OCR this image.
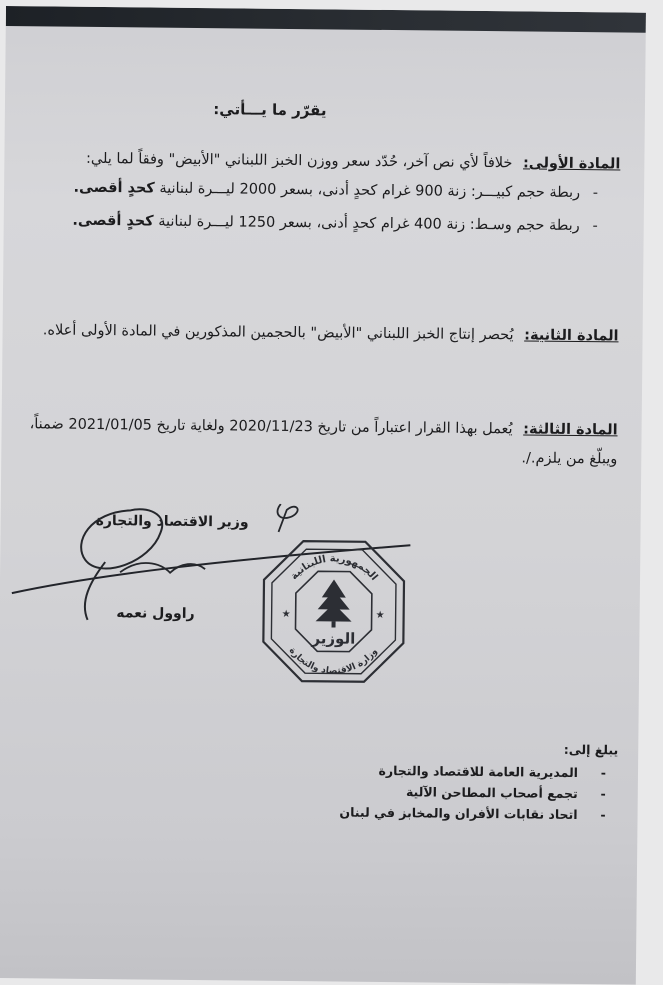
يقرّر ما يـــأتي:
المادة الأولى: خلافاً لأي نص آخر، حُدّد سعر ووزن الخبز اللبناني "الأبيض" وفقاً لما يلي:
- ربطة حجم كبيـــر: زنة 900 غرام كحدٍ أدنى، بسعر 2000 ليـــرة لبنانية كحدٍ أقصى.
- ربطة حجم وسـط: زنة 400 غرام كحدٍ أدنى، بسعر 1250 ليـــرة لبنانية كحدٍ أقصى.
المادة الثانية: يُحصر إنتاج الخبز اللبناني "الأبيض" بالحجمين المذكورين في المادة الأولى أعلاه.
المادة الثالثة: يُعمل بهذا القرار اعتباراً من تاريخ 2020/11/23 ولغاية تاريخ 2021/01/05 ضمناً، ويبلّغ من يلزم./.
وزير الاقتصاد والتجارة
راوول نعمه
يبلغ إلى:
- المديرية العامة للاقتصاد والتجارة
- تجمع أصحاب المطاحن الآلية
- اتحاد نقابات الأفران والمخابز في لبنان
الجمهورية اللبنانية
وزارة الاقتصاد والتجارة
الوزير
★	★
